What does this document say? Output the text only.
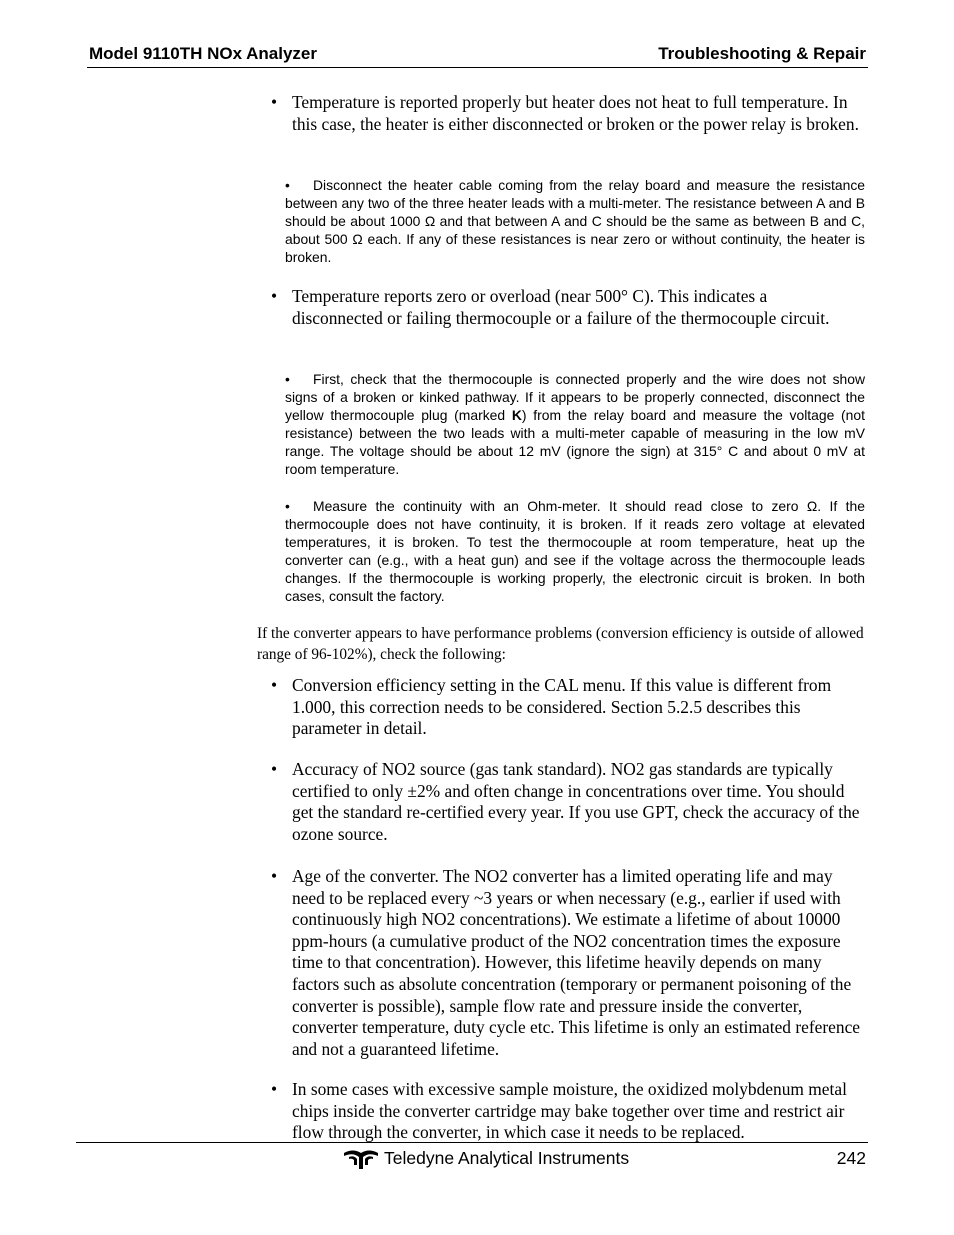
Model 9110TH NOx Analyzer	Troubleshooting & Repair
• Temperature is reported properly but heater does not heat to full temperature. In this case, the heater is either disconnected or broken or the power relay is broken.
• Disconnect the heater cable coming from the relay board and measure the resistance between any two of the three heater leads with a multi-meter. The resistance between A and B should be about 1000 Ω and that between A and C should be the same as between B and C, about 500 Ω each. If any of these resistances is near zero or without continuity, the heater is broken.
• Temperature reports zero or overload (near 500° C). This indicates a disconnected or failing thermocouple or a failure of the thermocouple circuit.
• First, check that the thermocouple is connected properly and the wire does not show signs of a broken or kinked pathway. If it appears to be properly connected, disconnect the yellow thermocouple plug (marked K) from the relay board and measure the voltage (not resistance) between the two leads with a multi-meter capable of measuring in the low mV range. The voltage should be about 12 mV (ignore the sign) at 315° C and about 0 mV at room temperature.
• Measure the continuity with an Ohm-meter. It should read close to zero Ω. If the thermocouple does not have continuity, it is broken. If it reads zero voltage at elevated temperatures, it is broken. To test the thermocouple at room temperature, heat up the converter can (e.g., with a heat gun) and see if the voltage across the thermocouple leads changes. If the thermocouple is working properly, the electronic circuit is broken. In both cases, consult the factory.
If the converter appears to have performance problems (conversion efficiency is outside of allowed range of 96-102%), check the following:
• Conversion efficiency setting in the CAL menu. If this value is different from 1.000, this correction needs to be considered. Section 5.2.5 describes this parameter in detail.
• Accuracy of NO2 source (gas tank standard). NO2 gas standards are typically certified to only ±2% and often change in concentrations over time. You should get the standard re-certified every year. If you use GPT, check the accuracy of the ozone source.
• Age of the converter. The NO2 converter has a limited operating life and may need to be replaced every ~3 years or when necessary (e.g., earlier if used with continuously high NO2 concentrations). We estimate a lifetime of about 10000 ppm-hours (a cumulative product of the NO2 concentration times the exposure time to that concentration). However, this lifetime heavily depends on many factors such as absolute concentration (temporary or permanent poisoning of the converter is possible), sample flow rate and pressure inside the converter, converter temperature, duty cycle etc. This lifetime is only an estimated reference and not a guaranteed lifetime.
• In some cases with excessive sample moisture, the oxidized molybdenum metal chips inside the converter cartridge may bake together over time and restrict air flow through the converter, in which case it needs to be replaced.
Teledyne Analytical Instruments	242
